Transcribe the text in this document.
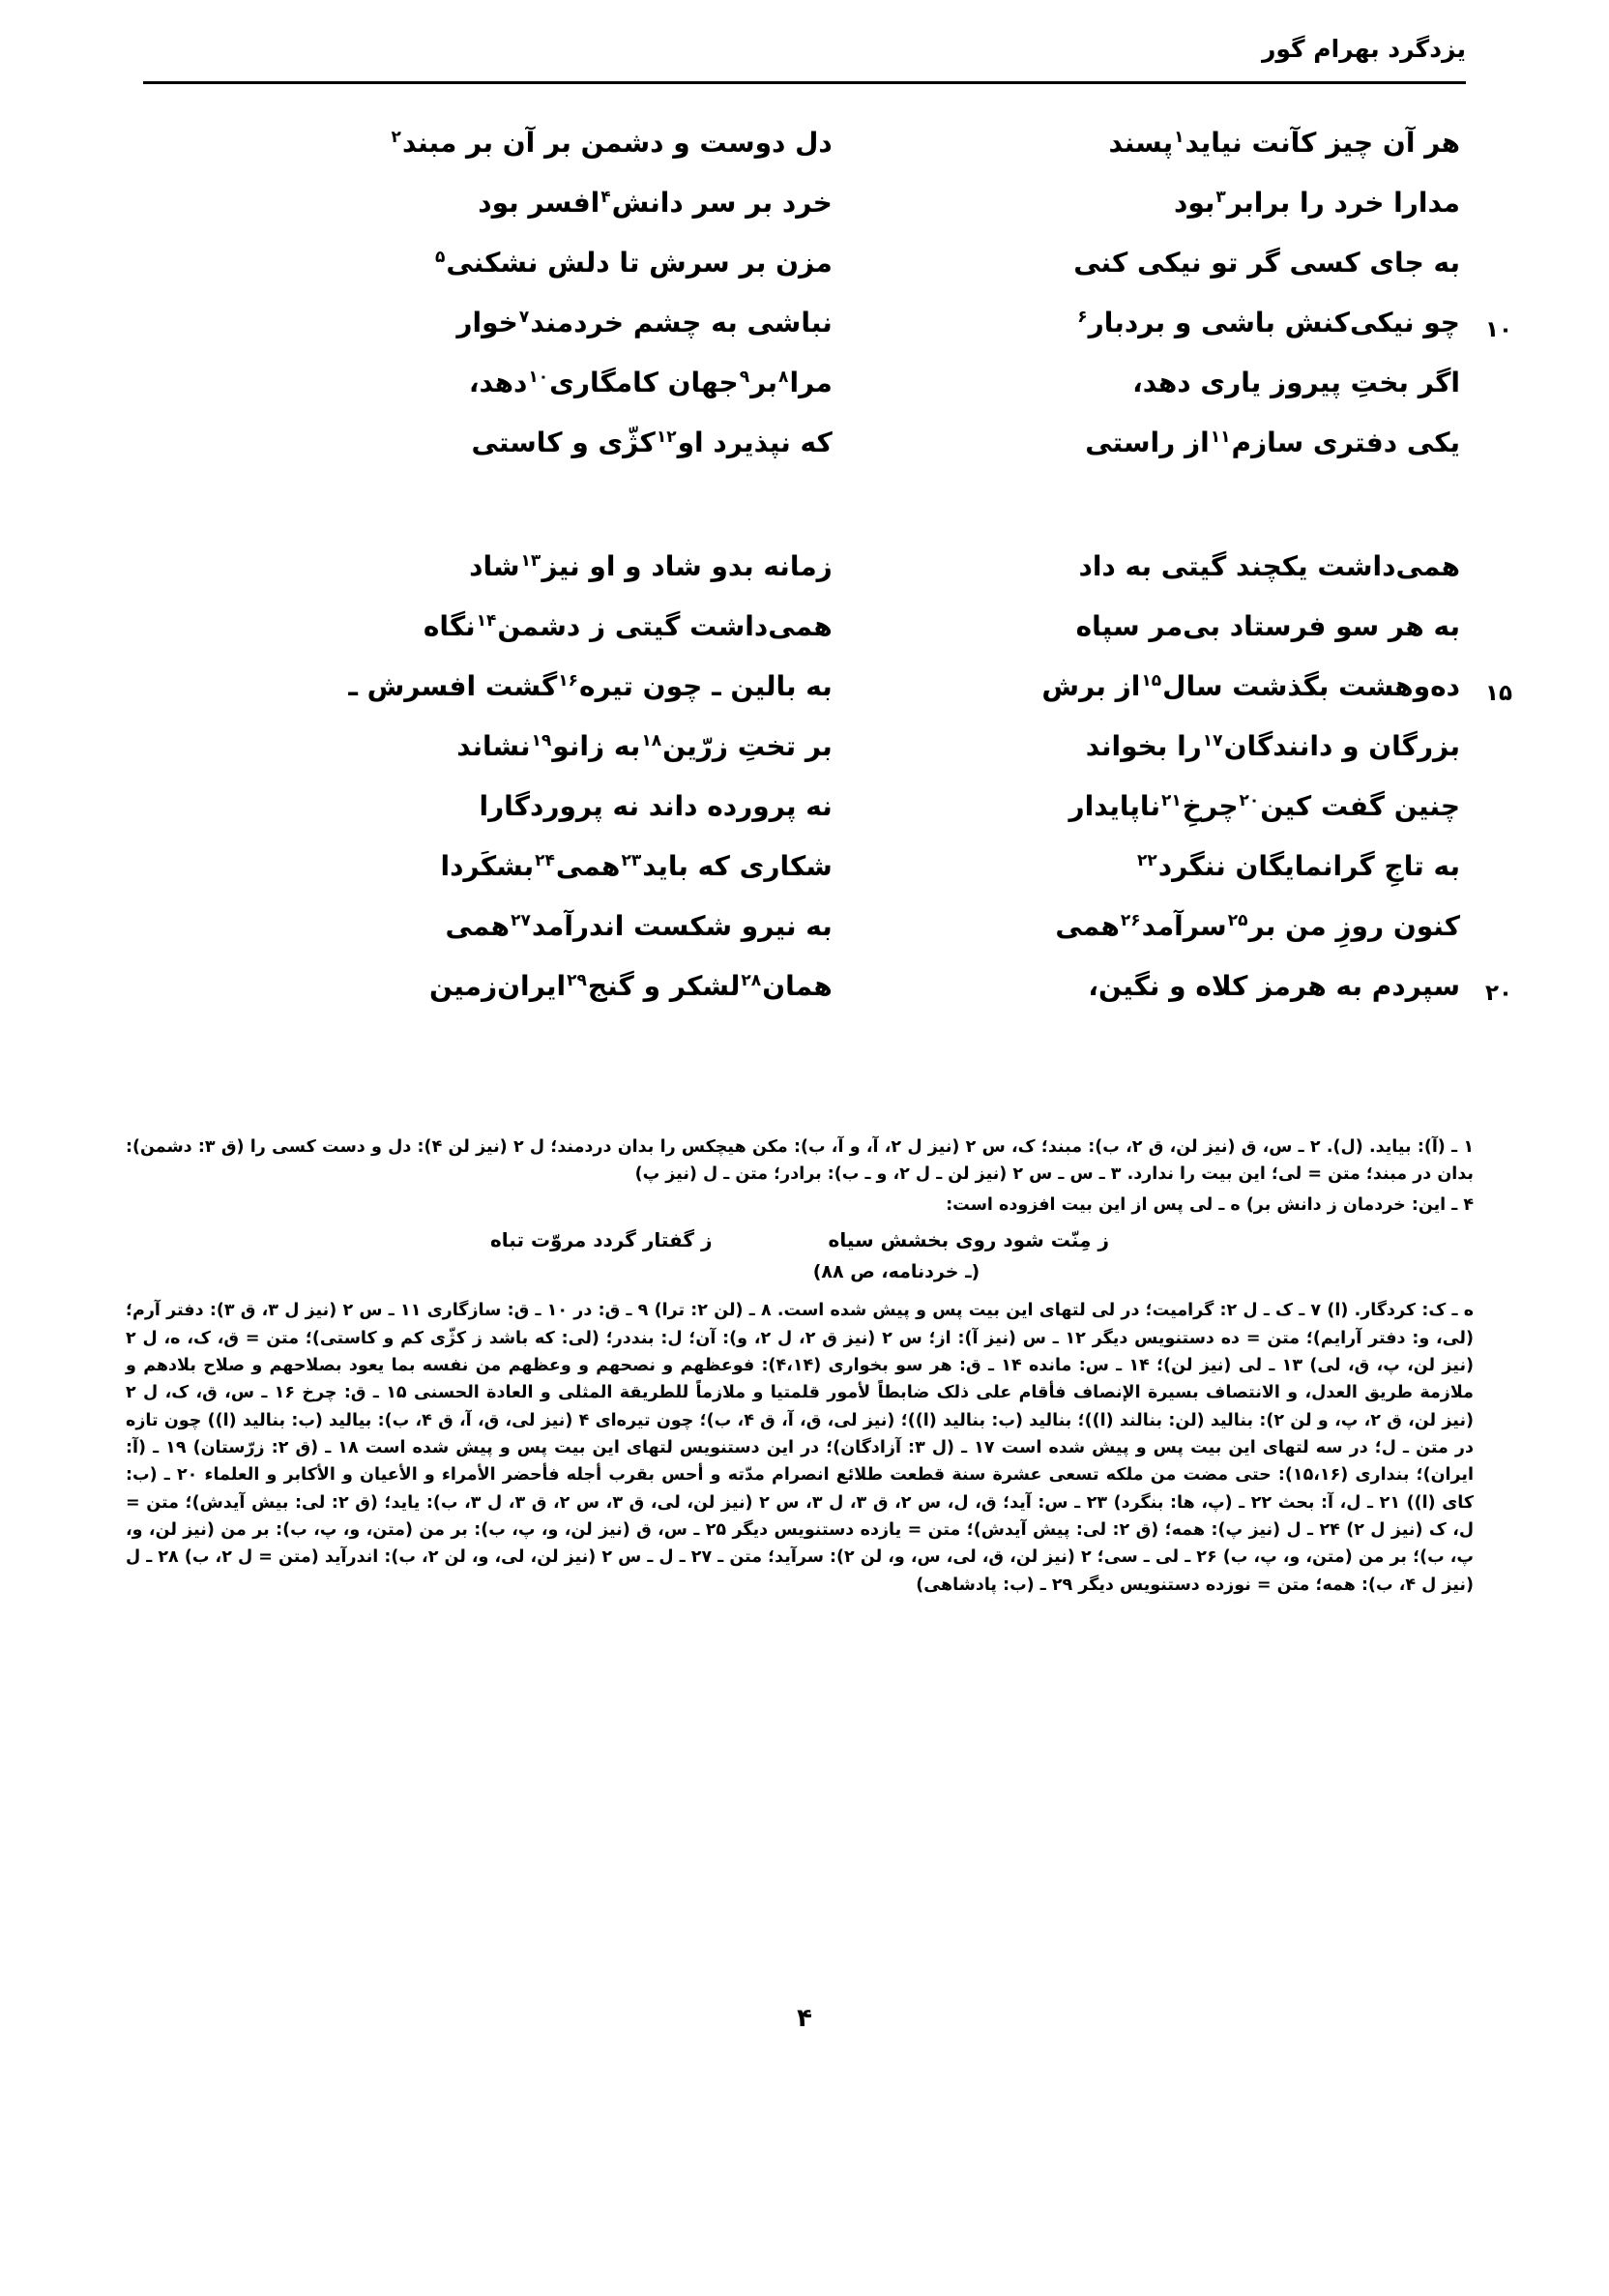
یزدگرد بهرام گور
هر آن چیز کآنت نیاید$^۱$پسند
دل دوست و دشمن بر آن بر مبند$^۲$
مدارا خرد را برابر$^۳$بود
خرد بر سر دانش$^۴$افسر بود
به جای کسی گر تو نیکی کنی
مزن بر سرش تا دلش نشکنی$^۵$
۱۰
چو نیکی‌کنش باشی و بردبار$^۶$
نباشی به چشم خردمند$^۷$خوار
اگر بختِ پیروز یاری دهد،
مرا$^۸$بر$^۹$جهان کامگاری$^{۱۰}$دهد،
یکی دفتری سازم$^{۱۱}$از راستی
که نپذیرد او$^{۱۲}$کژّی و کاستی
همی‌داشت یکچند گیتی به داد
زمانه بدو شاد و او نیز$^{۱۳}$شاد
به هر سو فرستاد بی‌مر سپاه
همی‌داشت گیتی ز دشمن$^{۱۴}$نگاه
۱۵
ده‌وهشت بگذشت سال$^{۱۵}$از برش
به بالین ـ چون تیره$^{۱۶}$گشت افسرش ـ
بزرگان و دانندگان$^{۱۷}$را بخواند
بر تختِ زرّین$^{۱۸}$به زانو$^{۱۹}$نشاند
چنین گفت کین$^{۲۰}$چرخِ$^{۲۱}$ناپایدار
نه پرورده داند نه پروردگارا
به تاجِ گرانمایگان ننگرد$^{۲۲}$
شکاری که باید$^{۲۳}$همی$^{۲۴}$بشکَرد​ا
کنون روزِ من بر$^{۲۵}$سرآمد$^{۲۶}$همی
به نیرو شکست اندرآمد$^{۲۷}$همی
۲۰
سپردم به هرمز کلاه و نگین،
همان$^{۲۸}$لشکر و گنج$^{۲۹}$ایران‌زمین

۱ ـ (آ): بیاید. (ل). ۲ ـ س، ق (نیز لن، ق ۲، ب): مبند؛ ک، س ۲ (نیز ل ۲، آ، و آ، ب): مکن هیچکس را بدان دردمند؛ ل ۲ (نیز لن ۴): دل و دست کسی را (ق ۳: دشمن): بدان در مبند؛ متن = لی؛ این بیت را ندارد. ۳ ـ س ـ س ۲ (نیز لن ـ ل ۲، و ـ ب): برادر؛ متن ـ ل (نیز پ)

۴ ـ این: خردمان ز دانش بر) ه ـ لی پس از این بیت افزوده است:

ز مِنّت شود روی بخشش سیاه
ز گفتار گردد مروّت تباه
(ـ خردنامه، ص ۸۸)

ه ـ ک: کردگار. (ا) ۷ ـ ک ـ ل ۲: گرامیت؛ در لی لتهای این بیت پس و پیش شده است. ۸ ـ (لن ۲: ترا) ۹ ـ ق: در ۱۰ ـ ق: سازگاری ۱۱ ـ س ۲ (نیز ل ۳، ق ۳): دفتر آرم؛ (لی، و: دفتر آرایم)؛ متن = ده دستنویس دیگر ۱۲ ـ س (نیز آ): از؛ س ۲ (نیز ق ۲، ل ۲، و): آن؛ ل: بنددر؛ (لی: که باشد ز کژّی کم و کاستی)؛ متن = ق، ک، ه، ل ۲ (نیز لن، پ، ق، لی) ۱۳ ـ لی (نیز لن)؛ ۱۴ ـ س: مانده ۱۴ ـ ق: هر سو بخواری (۴،۱۴): فوعظهم و نصحهم و وعظهم من نفسه بما یعود بصلاحهم و صلاح بلادهم و ملازمة طریق العدل، و الانتصاف بسیرة الإنصاف فأقام علی ذلک ضابطاً لأمور قلمتیا و ملازماً للطریقة المثلی و العادة الحسنی ۱۵ ـ ق: چرخ ۱۶ ـ س، ق، ک، ل ۲ (نیز لن، ق ۲، پ، و لن ۲): بنالید (لن: بنالند (ا))؛ بنالید (ب: بنالید (ا))؛ (نیز لی، ق، آ، ق ۴، ب)؛ چون تیره‌ای ۴ (نیز لی، ق، آ، ق ۴، ب): بیالید (ب: بنالید (ا)) چون تازه در متن ـ ل؛ در سه لتهای این بیت پس و پیش شده است ۱۷ ـ (ل ۳: آزادگان)؛ در این دستنویس لتهای این بیت پس و پیش شده است ۱۸ ـ (ق ۲: زرّستان) ۱۹ ـ (آ: ایران)؛ بنداری (۱۵،۱۶): حتی مضت من ملکه تسعی عشرة سنة قطعت طلائع انصرام مدّته و أحس بقرب أجله فأحضر الأمراء و الأعیان و الأکابر و العلماء ۲۰ ـ (ب: کای (ا)) ۲۱ ـ ل، آ: بحث ۲۲ ـ (پ، ها: بنگرد) ۲۳ ـ س: آید؛ ق، ل، س ۲، ق ۳، ل ۳، س ۲ (نیز لن، لی، ق ۳، س ۲، ق ۳، ل ۳، ب): یاید؛ (ق ۲: لی: بیش آیدش)؛ متن = ل، ک (نیز ل ۲) ۲۴ ـ ل (نیز پ): همه؛ (ق ۲: لی: پیش آیدش)؛ متن = یازده دستنویس دیگر ۲۵ ـ س، ق (نیز لن، و، پ، ب): بر من (متن، و، پ، ب): بر من (نیز لن، و، پ، ب)؛ بر من (متن، و، پ، ب) ۲۶ ـ لی ـ سی؛ ۲ (نیز لن، ق، لی، س، و، لن ۲): سرآید؛ متن ـ ۲۷ ـ ل ـ س ۲ (نیز لن، لی، و، لن ۲، ب): اندرآید (متن = ل ۲، ب) ۲۸ ـ ل (نیز ل ۴، ب): همه؛ متن = نوزده دستنویس دیگر ۲۹ ـ (ب: پادشاهی)

۴
